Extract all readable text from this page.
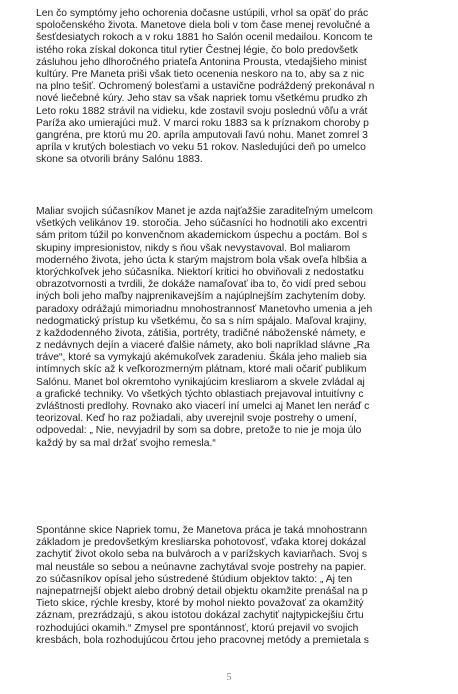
Len čo symptómy jeho ochorenia dočasne ustúpili, vrhol sa opäť do prác
spoločenského života. Manetove diela boli v tom čase menej revolučné a
šesťdesiatych rokoch a v roku 1881 ho Salón ocenil medailou. Koncom te
istého roka získal dokonca titul rytier Čestnej légie, čo bolo predovšetk
zásluhou jeho dlhoročného priateľa Antonina Prousta, vtedajšieho minist
kultúry. Pre Maneta priši však tieto ocenenia neskoro na to, aby sa z nic
na plno tešiť. Ochromený bolesťami a ustavične podráždený prekonával n
nové liečebné kúry. Jeho stav sa však napriek tomu všetkému prudko zh
Leto roku 1882 strávil na vidieku, kde zostavil svoju poslednú vôľu a vrát
Paríža ako umierajúci muž. V marci roku 1883 sa k príznakom choroby p
gangréna, pre ktorú mu 20. apríla amputovali ľavú nohu. Manet zomrel 3
apríla v krutých bolestiach vo veku 51 rokov. Nasledujúci deň po umelco
skone sa otvorili brány Salónu 1883.
Maliar svojich súčasníkov Manet je azda najťažšie zaraditeľným umelcom
všetkých velikánov 19. storočia. Jeho súčasníci ho hodnotili ako excentri
sám pritom túžil po konvenčnom akademickom úspechu a poctám. Bol s
skupiny impresionistov, nikdy s ňou však nevystavoval. Bol maliarom
moderného života, jeho úcta k starým majstrom bola však oveľa hlbšia a
ktorýchkoľvek jeho súčasníka. Niektorí kritici ho obviňovali z nedostatku
obrazotvornosti a tvrdili, že dokáže namaľovať iba to, čo vidí pred sebou
iných boli jeho maľby najprenikavejším a najúplnejším zachytením doby.
paradoxy odrážajú mimoriadnu mnohostrannosť Manetovho umenia a jeh
nedogmatický prístup ku všetkému, čo sa s ním spájalo. Maľoval krajiny,
z každodenného života, zátišia, portréty, tradičné náboženské námety, e
z nedávnych dejín a viaceré ďalšie námety, ako boli napríklad slávne „Ra
tráve“, ktoré sa vymykajú akémukoľvek zaradeniu. Škála jeho malieb sia
intímnych skíc až k veľkorozmerným plátnam, ktoré mali očariť publikum
Salónu. Manet bol okremtoho vynikajúcim kresliarom a skvele zvládal aj
a grafické techniky. Vo všetkých týchto oblastiach prejavoval intuitívny c
zvláštnosti predlohy. Rovnako ako viacerí iní umelci aj Manet len neráď c
teorizoval. Keď ho raz požiadali, aby uverejnil svoje postrehy o umení,
odpovedal: „ Nie, nevyjadril by som sa dobre, pretože to nie je moja úlo
každý by sa mal držať svojho remesla.“
Spontánne skice Napriek tomu, že Manetova práca je taká mnohostrann
základom je predovšetkým kresliarska pohotovosť, vďaka ktorej dokázal
zachytiť život okolo seba na bulvároch a v parížskych kaviarňach. Svoj s
mal neustále so sebou a neúnavne zachytával svoje postrehy na papier.
zo súčasníkov opísal jeho sústredené štúdium objektov takto: „ Aj ten
najnepatrnejší objekt alebo drobný detail objektu okamžite prenášal na p
Tieto skice, rýchle kresby, ktoré by mohol niekto považovať za okamžitý
záznam, prezrádzajú, s akou istotou dokázal zachytiť najtypickejšiu črtu
rozhodujúci okamih.“ Zmysel pre spontánnosť, ktorú prejavil vo svojich
kresbách, bola rozhodujúcou črtou jeho pracovnej metódy a premietala s
5
